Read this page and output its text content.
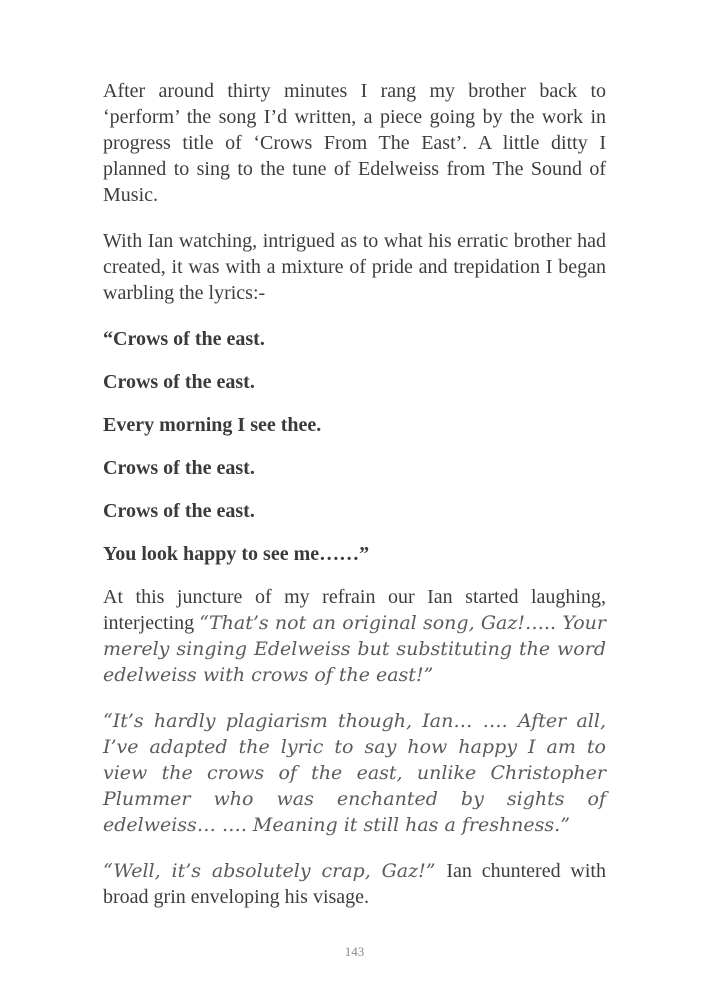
After around thirty minutes I rang my brother back to ‘perform’ the song I’d written, a piece going by the work in progress title of ‘Crows From The East’. A little ditty I planned to sing to the tune of Edelweiss from The Sound of Music.

With Ian watching, intrigued as to what his erratic brother had created, it was with a mixture of pride and trepidation I began warbling the lyrics:-

“Crows of the east.

Crows of the east.

Every morning I see thee.

Crows of the east.

Crows of the east.

You look happy to see me……”

At this juncture of my refrain our Ian started laughing, interjecting “That’s not an original song, Gaz!….. Your merely singing Edelweiss but substituting the word edelweiss with crows of the east!”

“It’s hardly plagiarism though, Ian… …. After all, I’ve adapted the lyric to say how happy I am to view the crows of the east, unlike Christopher Plummer who was enchanted by sights of edelweiss… …. Meaning it still has a freshness.”

“Well, it’s absolutely crap, Gaz!” Ian chuntered with broad grin enveloping his visage.

143
